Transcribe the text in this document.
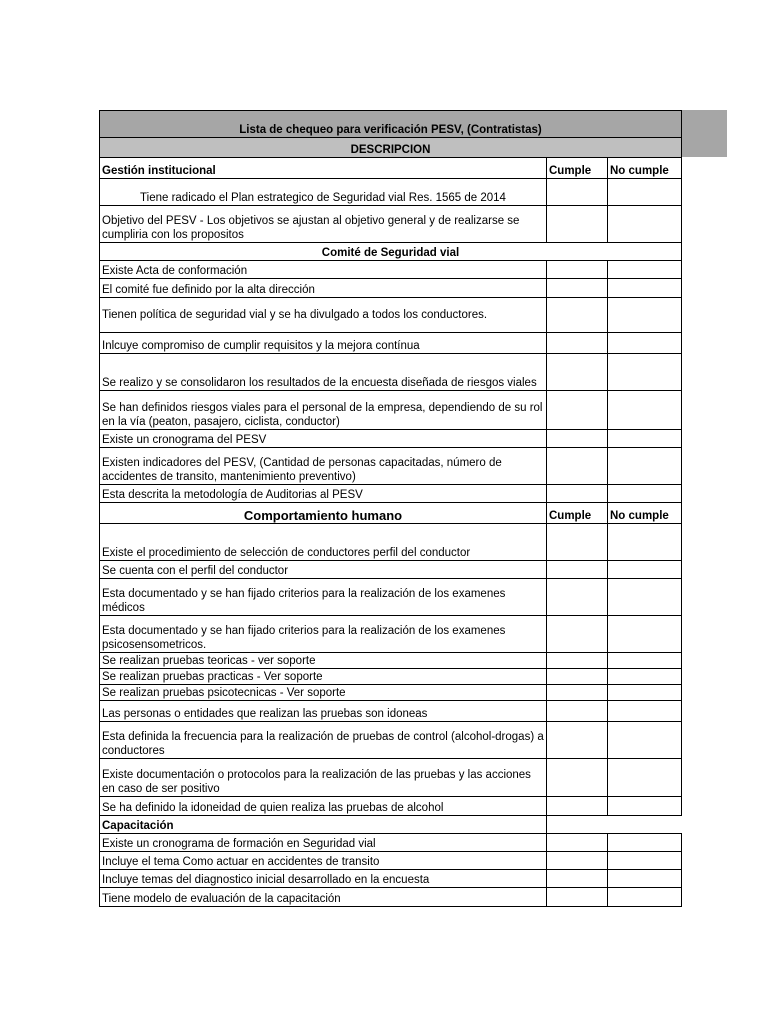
Lista de chequeo para verificación PESV, (Contratistas)		
DESCRIPCION		
Gestión institucional	Cumple	No cumple
Tiene radicado el Plan estrategico de Seguridad vial Res. 1565 de 2014		
Objetivo del PESV - Los objetivos se ajustan al objetivo general y de realizarse se cumpliria con los propositos		
Comité de Seguridad vial		
Existe Acta de conformación		
El comité fue definido por la alta dirección		
Tienen política de seguridad vial y se ha divulgado a todos los conductores.		
Inlcuye compromiso de cumplir requisitos y la mejora contínua		
Se realizo y se consolidaron los resultados de la encuesta diseñada de riesgos viales		
Se han definidos riesgos viales para el personal de la empresa, dependiendo de su rol en la vía (peaton, pasajero, ciclista, conductor)		
Existe un cronograma del PESV		
Existen indicadores del PESV, (Cantidad de personas capacitadas, número de accidentes de transito, mantenimiento preventivo)		
Esta descrita la metodología de Auditorias al PESV		
Comportamiento humano	Cumple	No cumple
Existe el procedimiento de selección de conductores perfil del conductor		
Se cuenta con el perfil del conductor		
Esta documentado y se han fijado criterios para la realización de los examenes médicos		
Esta documentado y se han fijado criterios para la realización de los examenes psicosensometricos.		
Se realizan pruebas teoricas - ver soporte		
Se realizan pruebas practicas - Ver soporte		
Se realizan pruebas psicotecnicas - Ver soporte		
Las personas o entidades que realizan las pruebas son idoneas		
Esta definida la frecuencia para la realización de pruebas de control (alcohol-drogas) a conductores		
Existe documentación o protocolos para la realización de las pruebas y las acciones en caso de ser positivo		
Se ha definido la idoneidad de quien realiza las pruebas de alcohol		
Capacitación		
Existe un cronograma de formación en Seguridad vial		
Incluye el tema Como actuar en accidentes de transito		
Incluye temas del diagnostico inicial desarrollado en la encuesta		
Tiene modelo de evaluación de la capacitación		
